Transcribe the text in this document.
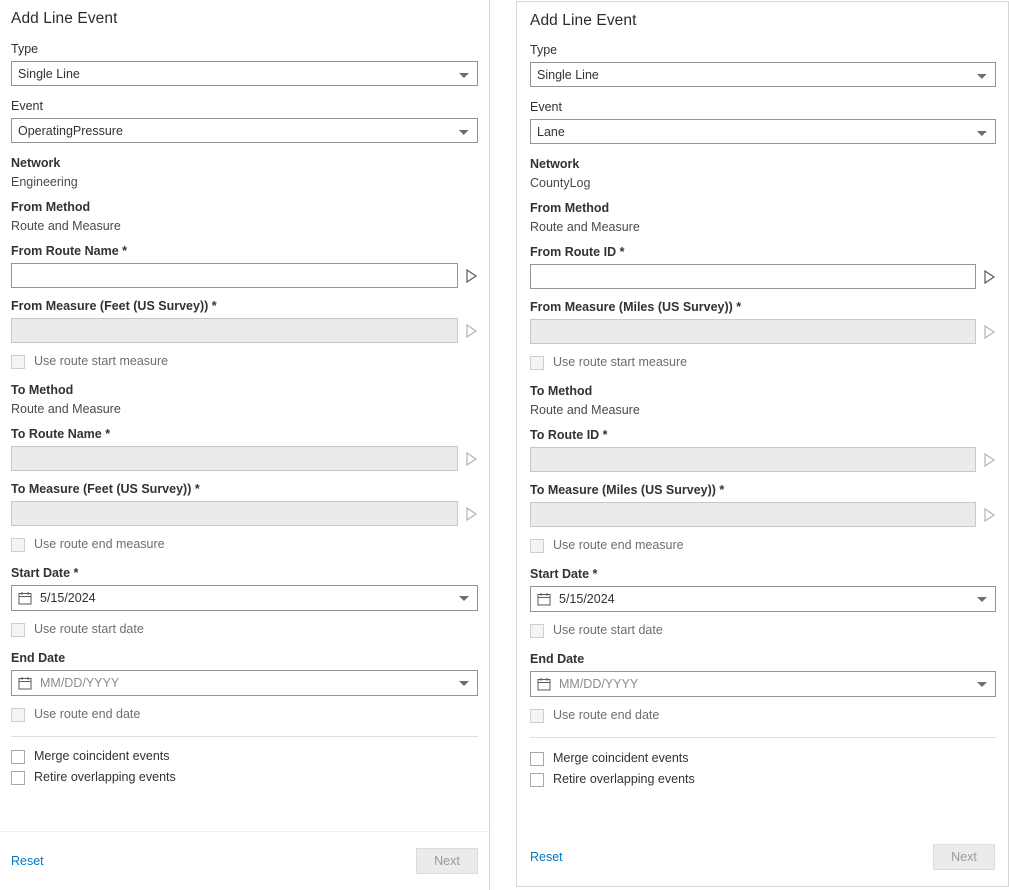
Add Line Event
Type
Single Line
Event
OperatingPressure
Network
Engineering
From Method
Route and Measure
From Route Name *
From Measure (Feet (US Survey)) *
Use route start measure
To Method
Route and Measure
To Route Name *
To Measure (Feet (US Survey)) *
Use route end measure
Start Date *
5/15/2024
Use route start date
End Date
MM/DD/YYYY
Use route end date
Merge coincident events
Retire overlapping events
Reset	Next
Add Line Event
Type
Single Line
Event
Lane
Network
CountyLog
From Method
Route and Measure
From Route ID *
From Measure (Miles (US Survey)) *
Use route start measure
To Method
Route and Measure
To Route ID *
To Measure (Miles (US Survey)) *
Use route end measure
Start Date *
5/15/2024
Use route start date
End Date
MM/DD/YYYY
Use route end date
Merge coincident events
Retire overlapping events
Reset	Next
